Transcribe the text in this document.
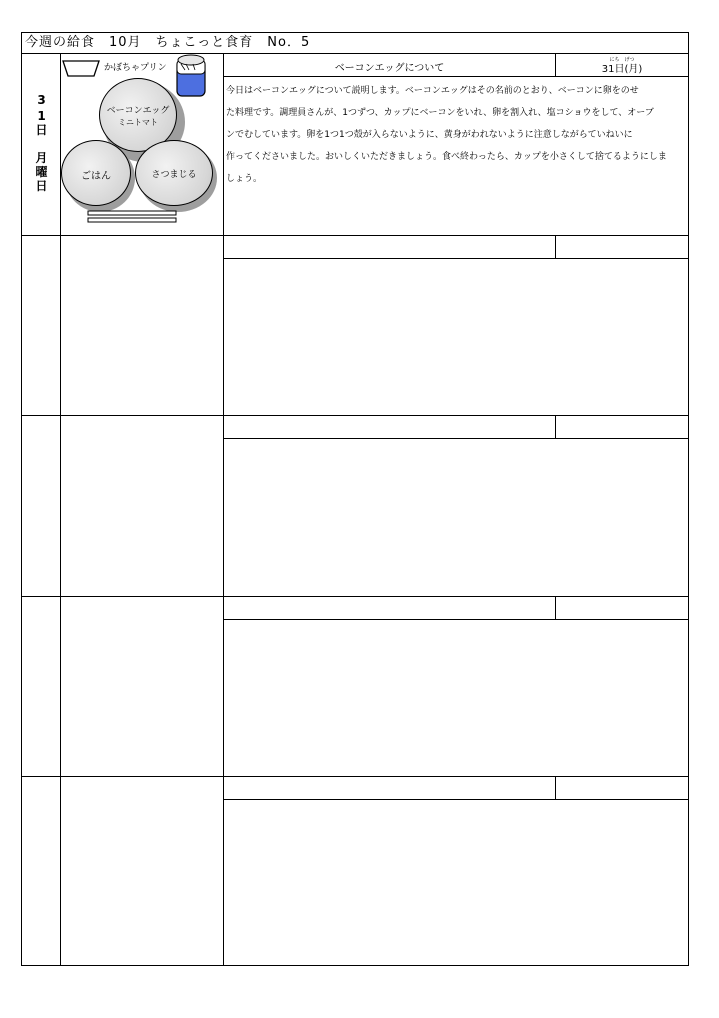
今週の給食　10月　ちょこっと食育　No．5
3
1
日
月
曜
日
かぼちゃプリン
ベーコンエッグ
ミニトマト
ごはん	さつまじる
ベーコンエッグについて
にち　げつ
31日(月)
今日はベーコンエッグについて説明します。ベーコンエッグはその名前のとおり、ベーコンに卵をのせ
た料理です。調理員さんが、1つずつ、カップにベーコンをいれ、卵を割入れ、塩コショウをして、オーブ
ンでむしています。卵を1つ1つ殻が入らないように、黄身がわれないように注意しながらていねいに
作ってくださいました。おいしくいただきましょう。食べ終わったら、カップを小さくして捨てるようにしま
しょう。
